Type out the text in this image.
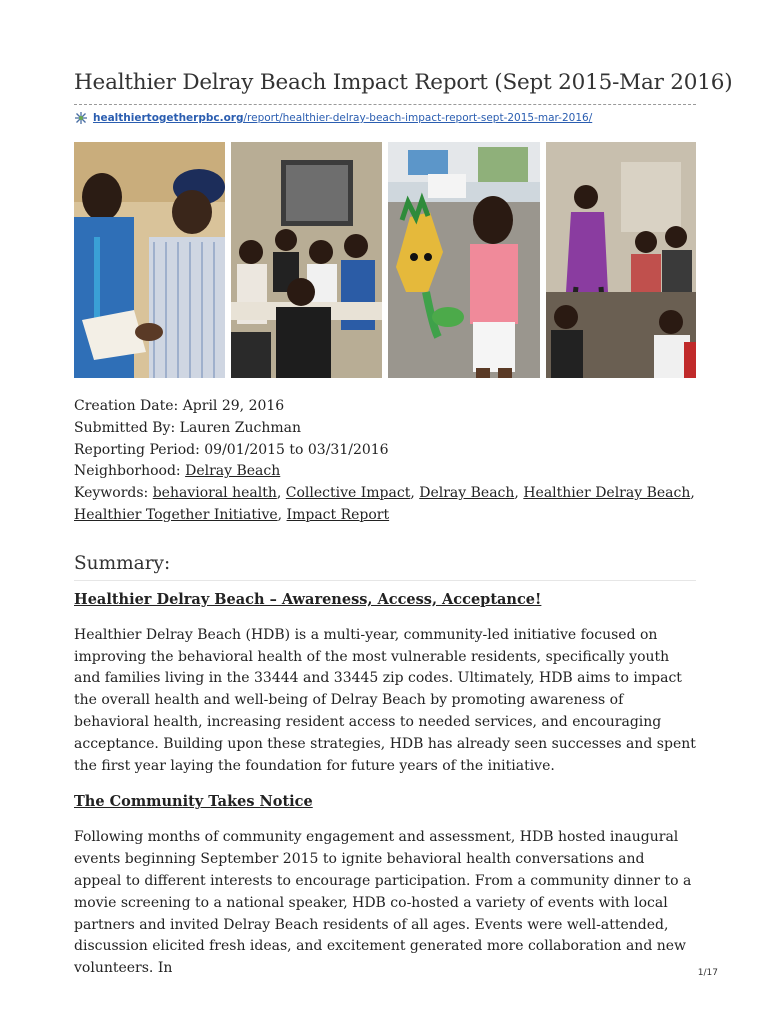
Healthier Delray Beach Impact Report (Sept 2015-Mar 2016)
healthiertogetherpbc.org /report/healthier-delray-beach-impact-report-sept-2015-mar-2016/
Creation Date: April 29, 2016
Submitted By: Lauren Zuchman
Reporting Period: 09/01/2015 to 03/31/2016
Neighborhood: Delray Beach
Keywords: behavioral health, Collective Impact, Delray Beach, Healthier Delray Beach, Healthier Together Initiative, Impact Report
Summary:
Healthier Delray Beach – Awareness, Access, Acceptance!

Healthier Delray Beach (HDB) is a multi-year, community-led initiative focused on improving the behavioral health of the most vulnerable residents, specifically youth and families living in the 33444 and 33445 zip codes. Ultimately, HDB aims to impact the overall health and well-being of Delray Beach by promoting awareness of behavioral health, increasing resident access to needed services, and encouraging acceptance. Building upon these strategies, HDB has already seen successes and spent the first year laying the foundation for future years of the initiative.

The Community Takes Notice

Following months of community engagement and assessment, HDB hosted inaugural events beginning September 2015 to ignite behavioral health conversations and appeal to different interests to encourage participation. From a community dinner to a movie screening to a national speaker, HDB co-hosted a variety of events with local partners and invited Delray Beach residents of all ages. Events were well-attended, discussion elicited fresh ideas, and excitement generated more collaboration and new volunteers. In	1/17
